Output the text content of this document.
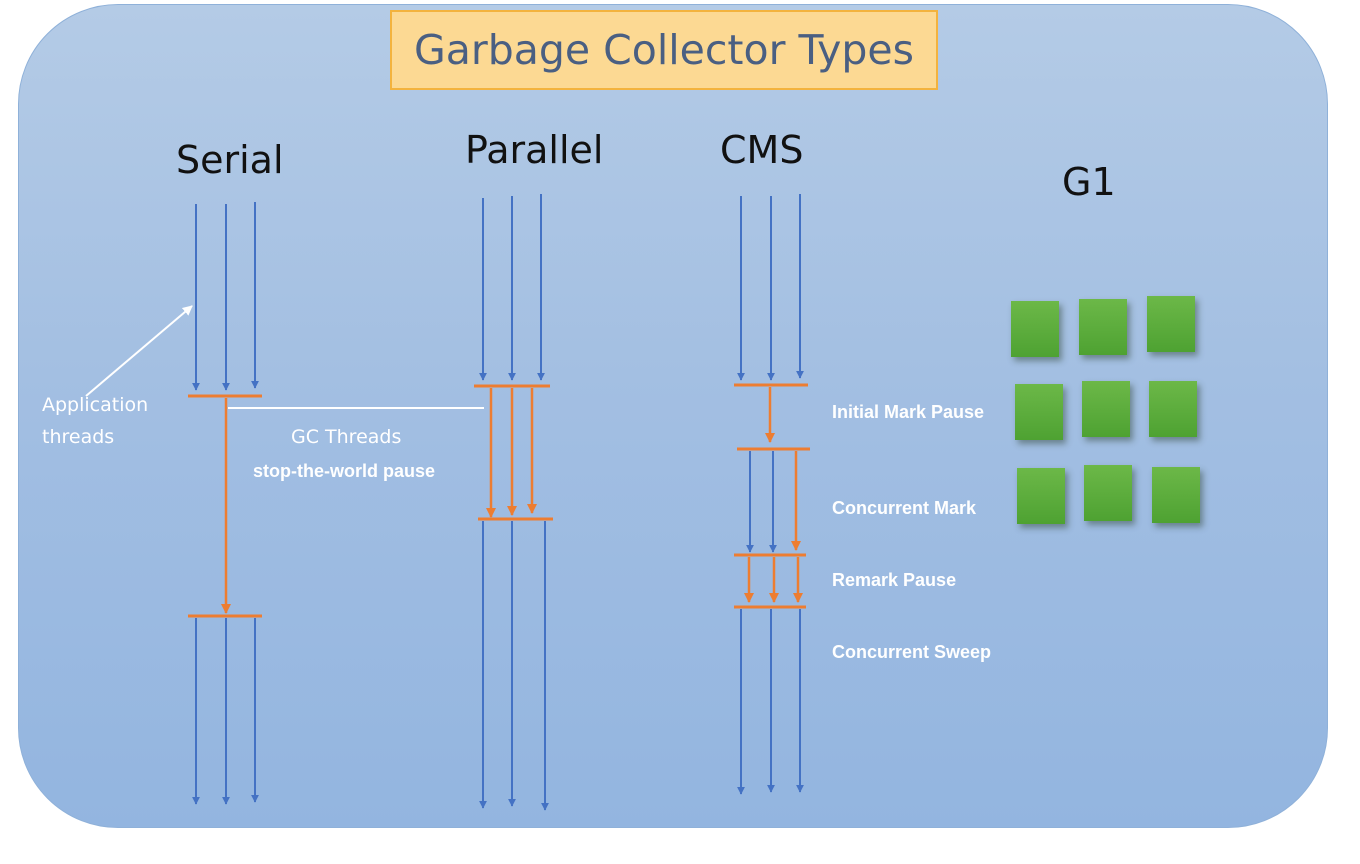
Garbage Collector Types
Serial	Parallel	CMS
G1
Application
threads	GC Threads
stop-the-world pause
Initial Mark Pause
Concurrent Mark
Remark Pause
Concurrent Sweep
